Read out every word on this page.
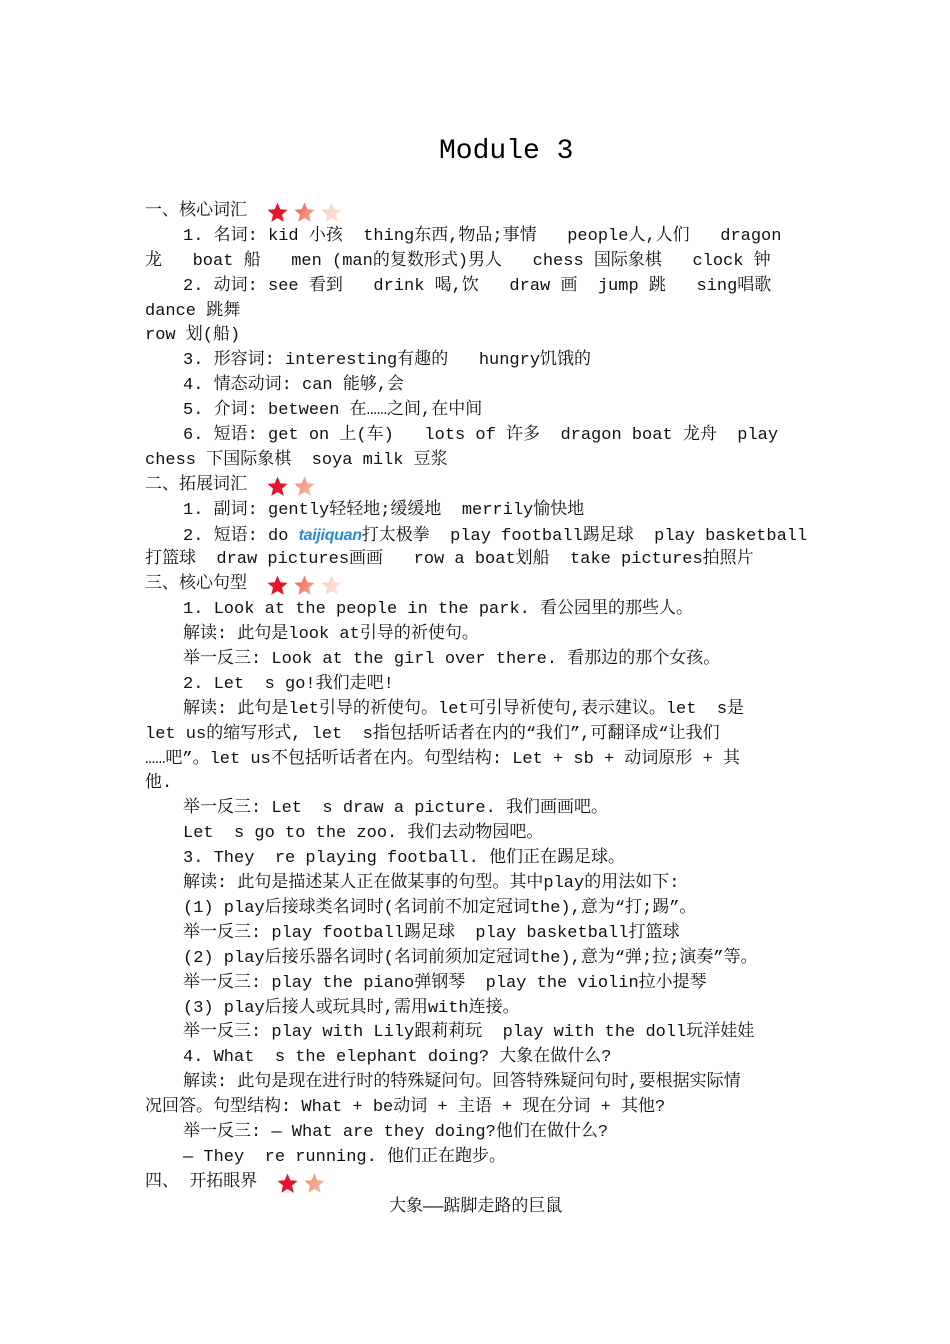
Module 3
一、核心词汇
1. 名词: kid 小孩  thing东西,物品;事情   people人,人们   dragon
龙   boat 船   men (man的复数形式)男人   chess 国际象棋   clock 钟
2. 动词: see 看到   drink 喝,饮   draw 画  jump 跳   sing唱歌
dance 跳舞
row 划(船)
3. 形容词: interesting有趣的   hungry饥饿的
4. 情态动词: can 能够,会
5. 介词: between 在……之间,在中间
6. 短语: get on 上(车)   lots of 许多  dragon boat 龙舟  play
chess 下国际象棋  soya milk 豆浆
二、拓展词汇
1. 副词: gently轻轻地;缓缓地  merrily愉快地
2. 短语: do taijiquan打太极拳  play football踢足球  play basketball
打篮球  draw pictures画画   row a boat划船  take pictures拍照片
三、核心句型
1. Look at the people in the park. 看公园里的那些人。
解读: 此句是look at引导的祈使句。
举一反三: Look at the girl over there. 看那边的那个女孩。
2. Let  s go!我们走吧!
解读: 此句是let引导的祈使句。let可引导祈使句,表示建议。let  s是
let us的缩写形式, let  s指包括听话者在内的“我们”,可翻译成“让我们
……吧”。let us不包括听话者在内。句型结构: Let + sb + 动词原形 + 其
他.
举一反三: Let  s draw a picture. 我们画画吧。
Let  s go to the zoo. 我们去动物园吧。
3. They  re playing football. 他们正在踢足球。
解读: 此句是描述某人正在做某事的句型。其中play的用法如下:
(1) play后接球类名词时(名词前不加定冠词the),意为“打;踢”。
举一反三: play football踢足球  play basketball打篮球
(2) play后接乐器名词时(名词前须加定冠词the),意为“弹;拉;演奏”等。
举一反三: play the piano弹钢琴  play the violin拉小提琴
(3) play后接人或玩具时,需用with连接。
举一反三: play with Lily跟莉莉玩  play with the doll玩洋娃娃
4. What  s the elephant doing? 大象在做什么?
解读: 此句是现在进行时的特殊疑问句。回答特殊疑问句时,要根据实际情
况回答。句型结构: What + be动词 + 主语 + 现在分词 + 其他?
举一反三: — What are they doing?他们在做什么?
— They  re running. 他们正在跑步。
四、 开拓眼界
大象——踮脚走路的巨鼠
